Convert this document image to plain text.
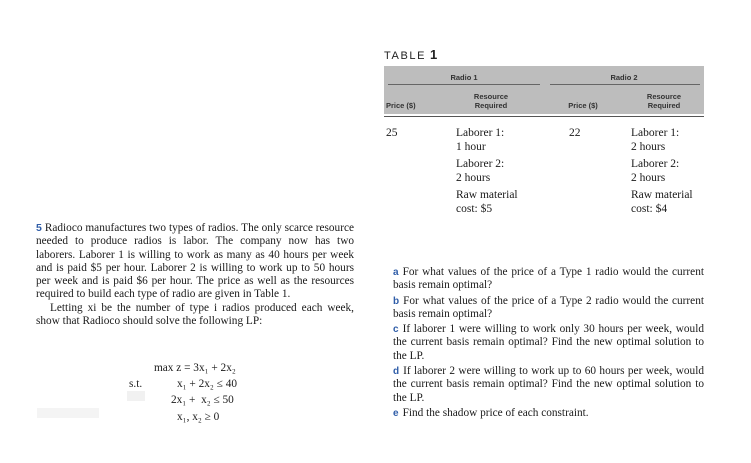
TABLE 1
Radio 1	Radio 2
Price ($)
Resource
Required	Price ($)
Resource
Required
25	Laborer 1:
1 hour
Laborer 2:
2 hours
Raw material
cost: $5
22	Laborer 1:
2 hours
Laborer 2:
2 hours
Raw material
cost: $4

5 Radioco manufactures two types of radios. The only scarce resource needed to produce radios is labor. The company now has two laborers. Laborer 1 is willing to work as many as 40 hours per week and is paid $5 per hour. Laborer 2 is willing to work up to 50 hours per week and is paid $6 per hour. The price as well as the resources required to build each type of radio are given in Table 1.

Letting xi be the number of type i radios produced each week, show that Radioco should solve the following LP:

max z = 3x₁ + 2x₂
s.t.	x₁ + 2x₂ ≤ 40
2x₁ +  x₂ ≤ 50
x₁, x₂ ≥ 0

a For what values of the price of a Type 1 radio would the current basis remain optimal?

b For what values of the price of a Type 2 radio would the current basis remain optimal?

c If laborer 1 were willing to work only 30 hours per week, would the current basis remain optimal? Find the new optimal solution to the LP.

d If laborer 2 were willing to work up to 60 hours per week, would the current basis remain optimal? Find the new optimal solution to the LP.

e Find the shadow price of each constraint.
